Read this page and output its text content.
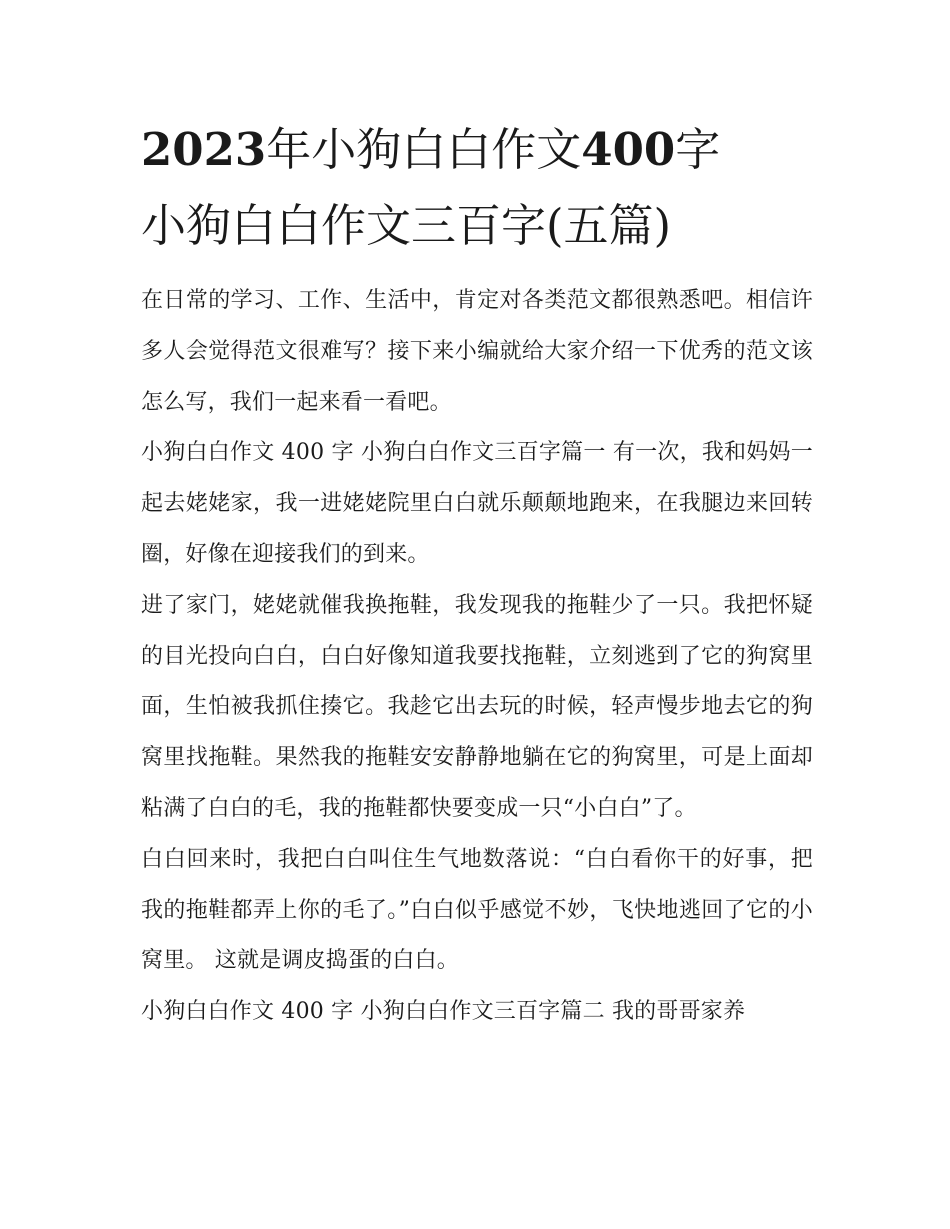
2023年小狗白白作文400字
小狗白白作文三百字(五篇)

在日常的学习、工作、生活中，肯定对各类范文都很熟悉吧。相信许多人会觉得范文很难写？接下来小编就给大家介绍一下优秀的范文该怎么写，我们一起来看一看吧。

小狗白白作文 400 字 小狗白白作文三百字篇一 有一次，我和妈妈一起去姥姥家，我一进姥姥院里白白就乐颠颠地跑来，在我腿边来回转圈，好像在迎接我们的到来。

进了家门，姥姥就催我换拖鞋，我发现我的拖鞋少了一只。我把怀疑的目光投向白白，白白好像知道我要找拖鞋，立刻逃到了它的狗窝里面，生怕被我抓住揍它。我趁它出去玩的时候，轻声慢步地去它的狗窝里找拖鞋。果然我的拖鞋安安静静地躺在它的狗窝里，可是上面却粘满了白白的毛，我的拖鞋都快要变成一只“小白白”了。

白白回来时，我把白白叫住生气地数落说：“白白看你干的好事，把我的拖鞋都弄上你的毛了。”白白似乎感觉不妙，飞快地逃回了它的小窝里。 这就是调皮捣蛋的白白。

小狗白白作文 400 字 小狗白白作文三百字篇二 我的哥哥家养
